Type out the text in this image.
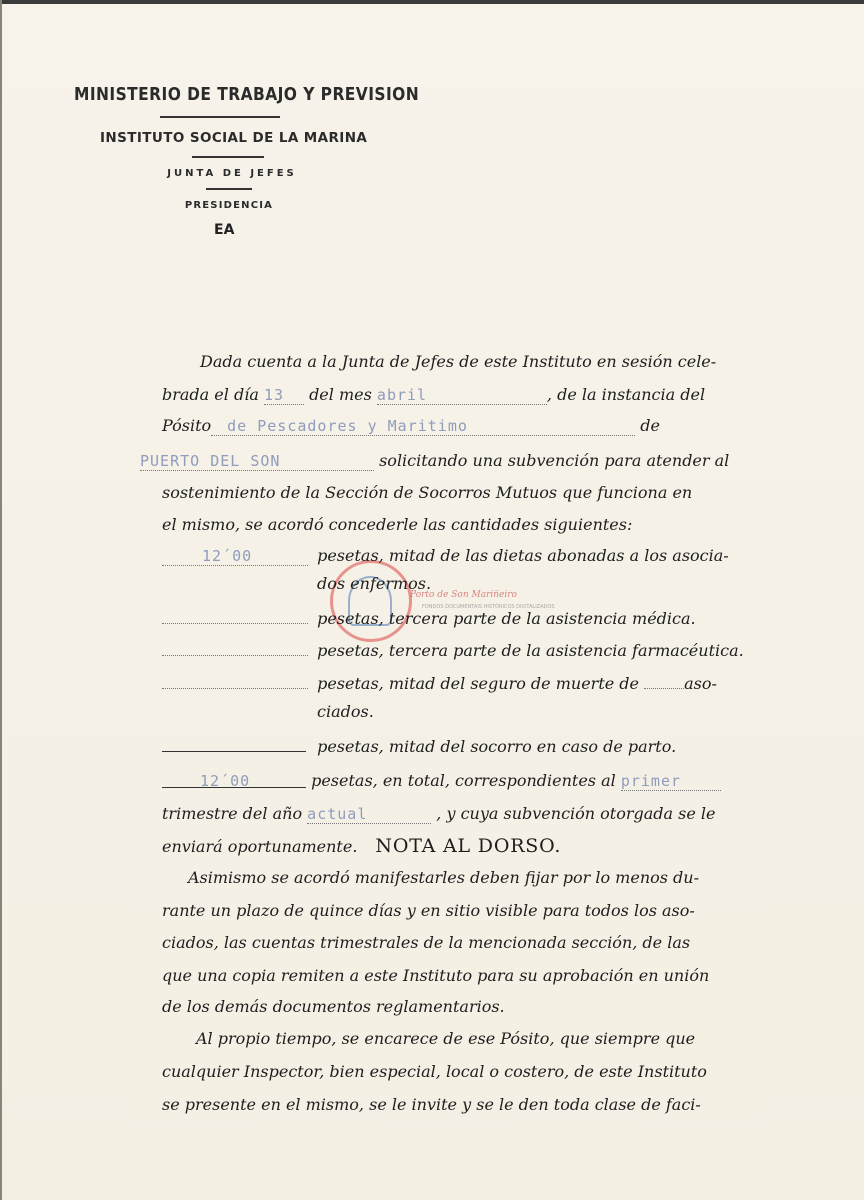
MINISTERIO DE TRABAJO Y PREVISION
INSTITUTO SOCIAL DE LA MARINA
JUNTA DE JEFES
PRESIDENCIA
EA
Porto de Son Mariñeiro
FONDOS DOCUMENTAIS HISTÓRICOS DIXITALIZADOS
Dada cuenta a la Junta de Jefes de este Instituto en sesión cele-
brada el día 13 del mes abril	, de la instancia del
Pósito de Pescadores y Maritimo	de
PUERTO DEL SON	solicitando una subvención para atender al
sostenimiento de la Sección de Socorros Mutuos que funciona en
el mismo, se acordó concederle las cantidades siguientes:
12´00	pesetas, mitad de las dietas abonadas a los asocia-
dos enfermos.
pesetas, tercera parte de la asistencia médica.
pesetas, tercera parte de la asistencia farmacéutica.
pesetas, mitad del seguro de muerte de	aso-
ciados.
pesetas, mitad del socorro en caso de parto.
12´00	pesetas, en total, correspondientes al primer
trimestre del año actual	, y cuya subvención otorgada se le
enviará oportunamente. NOTA AL DORSO.
Asimismo se acordó manifestarles deben fijar por lo menos du-
rante un plazo de quince días y en sitio visible para todos los aso-
ciados, las cuentas trimestrales de la mencionada sección, de las
que una copia remiten a este Instituto para su aprobación en unión
de los demás documentos reglamentarios.
Al propio tiempo, se encarece de ese Pósito, que siempre que
cualquier Inspector, bien especial, local o costero, de este Instituto
se presente en el mismo, se le invite y se le den toda clase de faci-
